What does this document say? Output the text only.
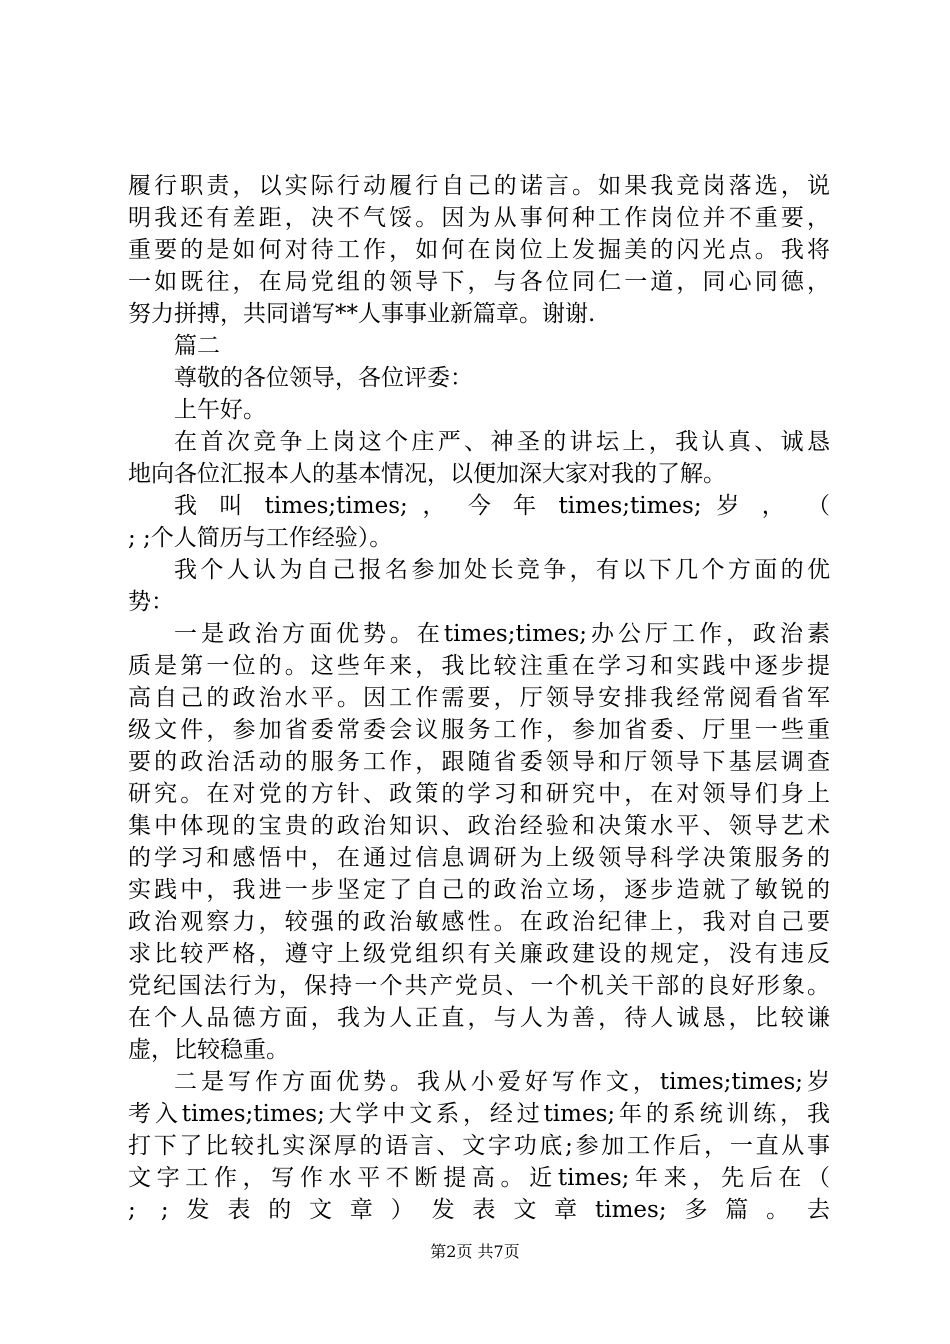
履行职责，以实际行动履行自己的诺言。如果我竞岗落选，说
明我还有差距，决不气馁。因为从事何种工作岗位并不重要，
重要的是如何对待工作，如何在岗位上发掘美的闪光点。我将
一如既往，在局党组的领导下，与各位同仁一道，同心同德，
努力拼搏，共同谱写**人事事业新篇章。谢谢.
篇二
尊敬的各位领导，各位评委：
上午好。
在首次竞争上岗这个庄严、神圣的讲坛上，我认真、诚恳
地向各位汇报本人的基本情况，以便加深大家对我的了解。
我 叫 times;times; ， 今 年 times;times; 岁 ， （
; ;个人简历与工作经验）。
我个人认为自己报名参加处长竞争，有以下几个方面的优
势：
一是政治方面优势。在times;times;办公厅工作，政治素
质是第一位的。这些年来，我比较注重在学习和实践中逐步提
高自己的政治水平。因工作需要，厅领导安排我经常阅看省军
级文件，参加省委常委会议服务工作，参加省委、厅里一些重
要的政治活动的服务工作，跟随省委领导和厅领导下基层调查
研究。在对党的方针、政策的学习和研究中，在对领导们身上
集中体现的宝贵的政治知识、政治经验和决策水平、领导艺术
的学习和感悟中，在通过信息调研为上级领导科学决策服务的
实践中，我进一步坚定了自己的政治立场，逐步造就了敏锐的
政治观察力，较强的政治敏感性。在政治纪律上，我对自己要
求比较严格，遵守上级党组织有关廉政建设的规定，没有违反
党纪国法行为，保持一个共产党员、一个机关干部的良好形象。
在个人品德方面，我为人正直，与人为善，待人诚恳，比较谦
虚，比较稳重。
二是写作方面优势。我从小爱好写作文，times;times;岁
考入times;times;大学中文系，经过times;年的系统训练，我
打下了比较扎实深厚的语言、文字功底;参加工作后，一直从事
文字工作，写作水平不断提高。近times;年来，先后在（
; ;发表的文章）发表文章times;多篇。去
第2页 共7页
